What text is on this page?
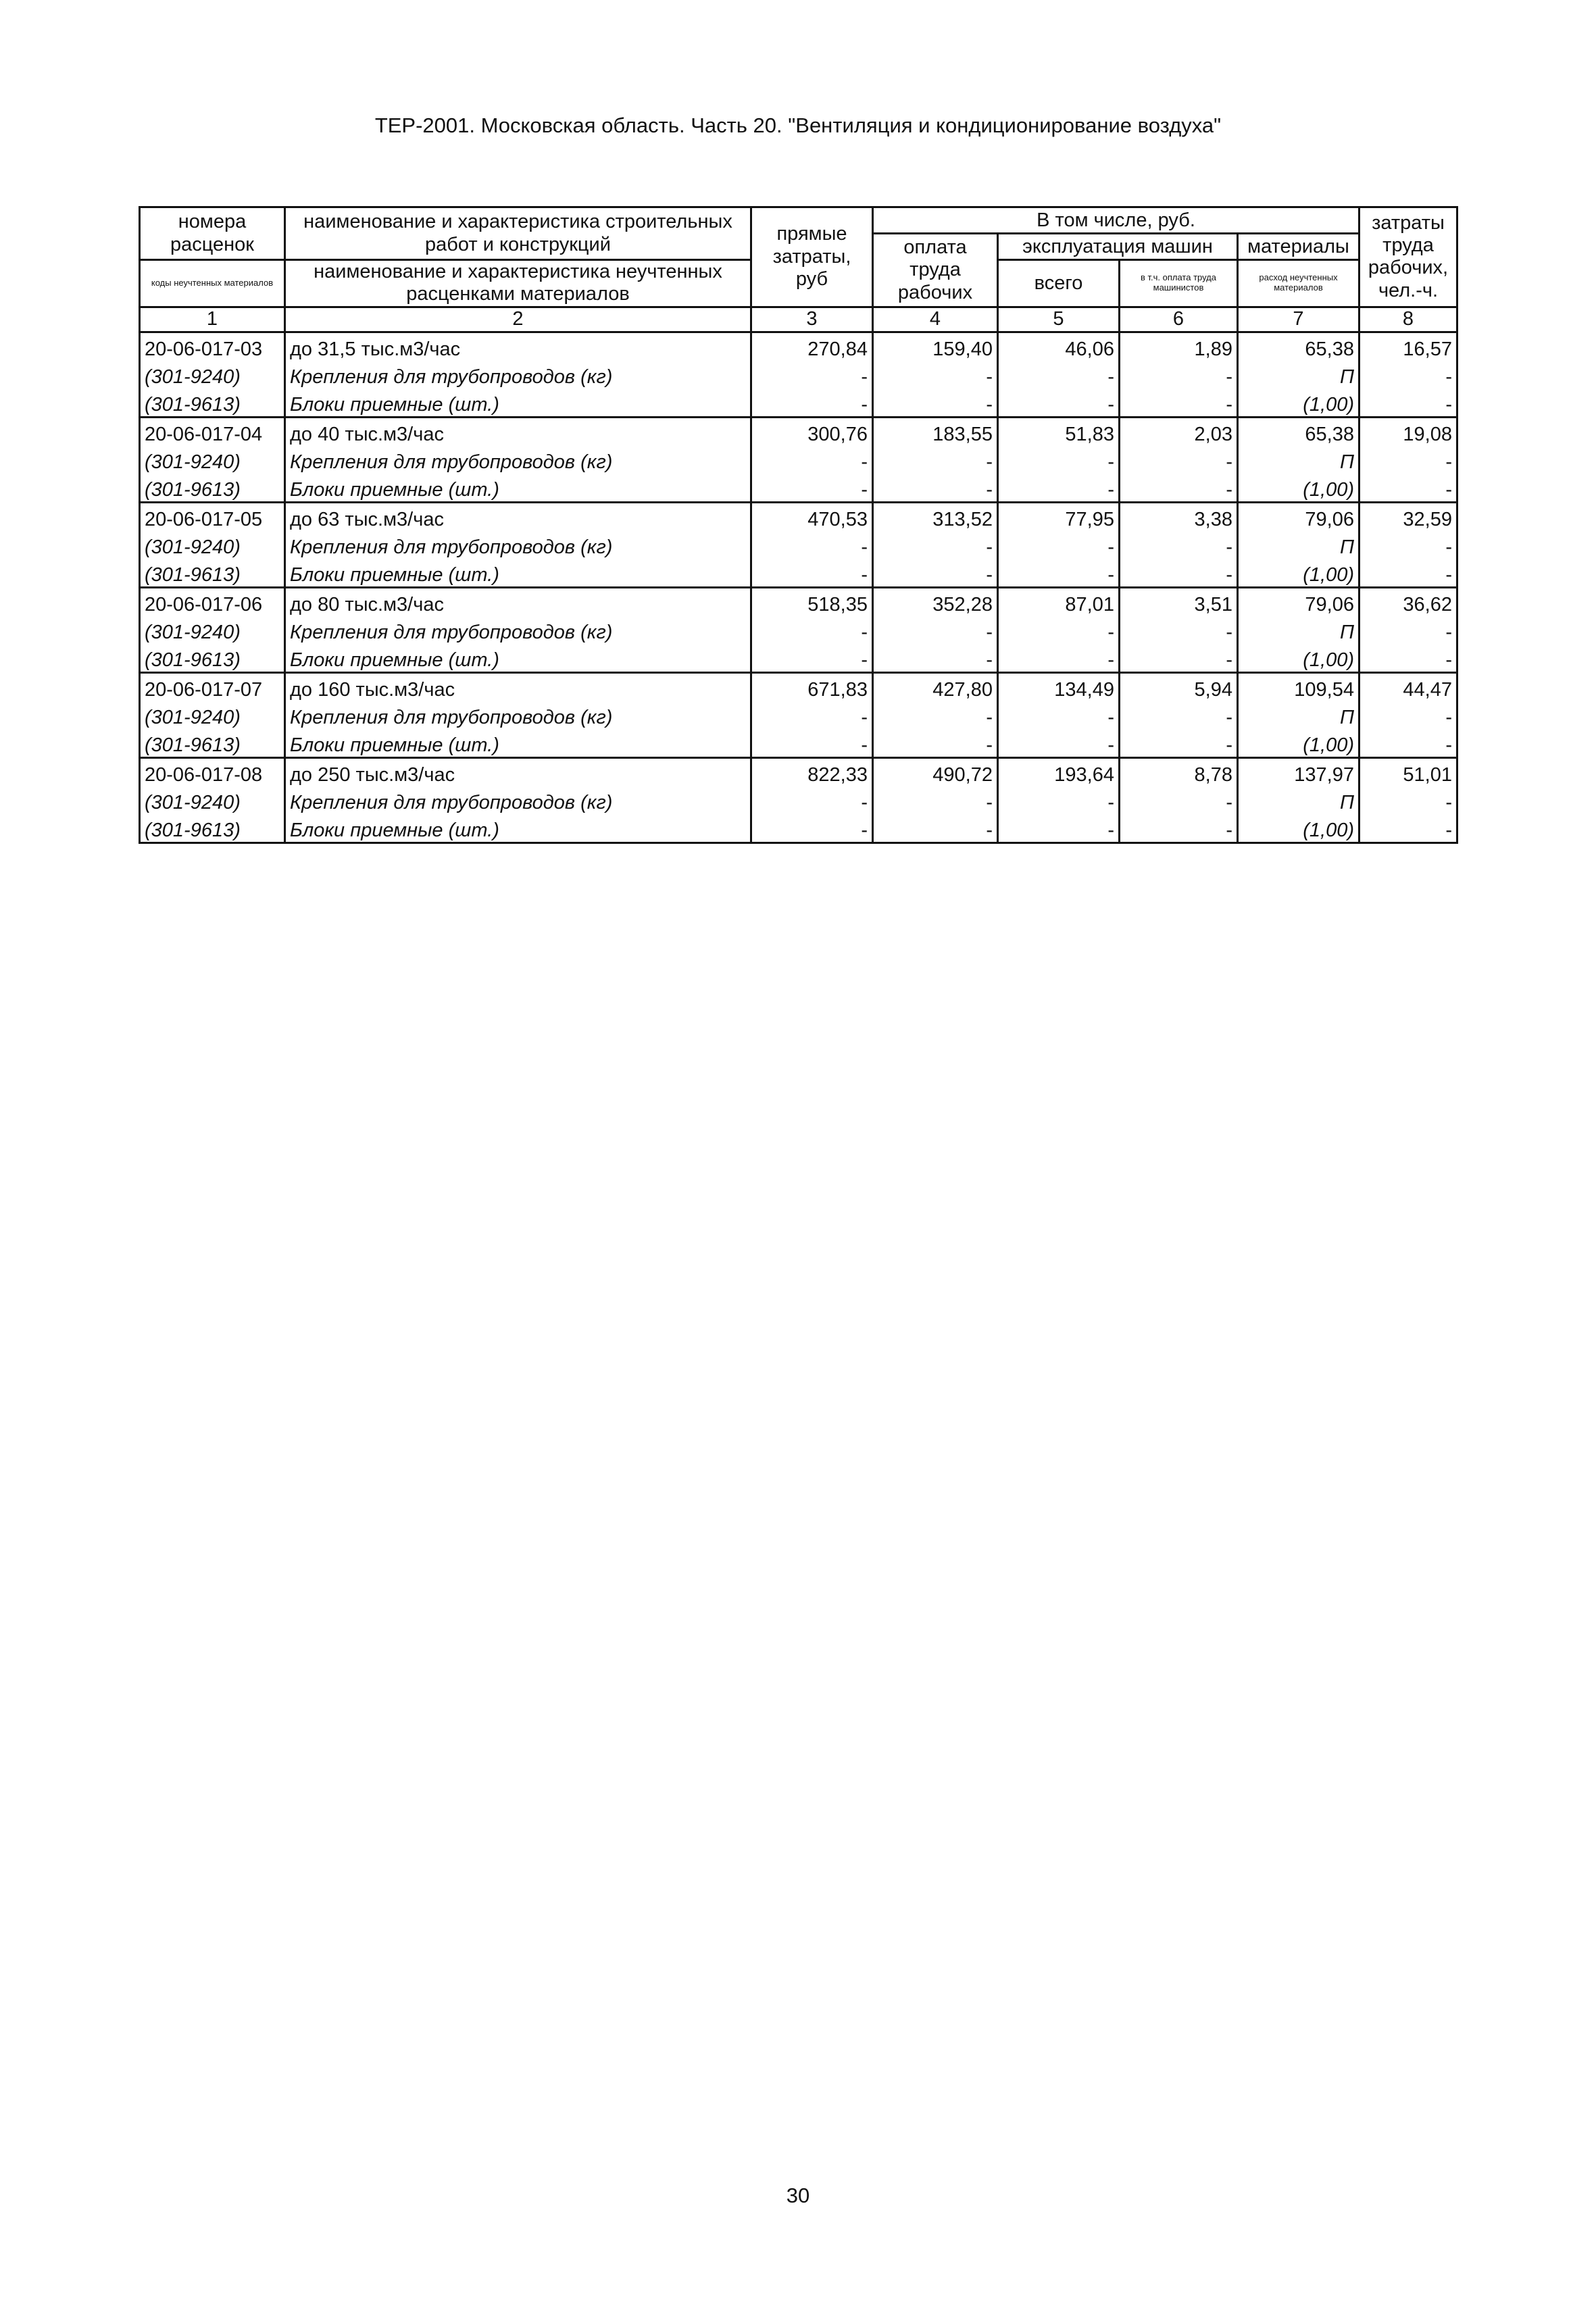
ТЕР-2001. Московская область. Часть 20. "Вентиляция и кондиционирование воздуха"
номера расценок	наименование и характеристика строительных работ и конструкций	прямые затраты, руб	В том числе, руб.				затраты труда рабочих, чел.-ч.
			оплата труда рабочих	эксплуатация машин		материалы	
коды неучтенных материалов	наименование и характеристика неучтенных расценками материалов			всего	в т.ч. оплата труда машинистов	расход неучтенных материалов	
1	2	3	4	5	6	7	8
20-06-017-03	до 31,5 тыс.м3/час	270,84	159,40	46,06	1,89	65,38	16,57
(301-9240)	Крепления для трубопроводов (кг)	-	-	-	-	П	-
(301-9613)	Блоки приемные (шт.)	-	-	-	-	(1,00)	-
20-06-017-04	до 40 тыс.м3/час	300,76	183,55	51,83	2,03	65,38	19,08
(301-9240)	Крепления для трубопроводов (кг)	-	-	-	-	П	-
(301-9613)	Блоки приемные (шт.)	-	-	-	-	(1,00)	-
20-06-017-05	до 63 тыс.м3/час	470,53	313,52	77,95	3,38	79,06	32,59
(301-9240)	Крепления для трубопроводов (кг)	-	-	-	-	П	-
(301-9613)	Блоки приемные (шт.)	-	-	-	-	(1,00)	-
20-06-017-06	до 80 тыс.м3/час	518,35	352,28	87,01	3,51	79,06	36,62
(301-9240)	Крепления для трубопроводов (кг)	-	-	-	-	П	-
(301-9613)	Блоки приемные (шт.)	-	-	-	-	(1,00)	-
20-06-017-07	до 160 тыс.м3/час	671,83	427,80	134,49	5,94	109,54	44,47
(301-9240)	Крепления для трубопроводов (кг)	-	-	-	-	П	-
(301-9613)	Блоки приемные (шт.)	-	-	-	-	(1,00)	-
20-06-017-08	до 250 тыс.м3/час	822,33	490,72	193,64	8,78	137,97	51,01
(301-9240)	Крепления для трубопроводов (кг)	-	-	-	-	П	-
(301-9613)	Блоки приемные (шт.)	-	-	-	-	(1,00)	-
30
